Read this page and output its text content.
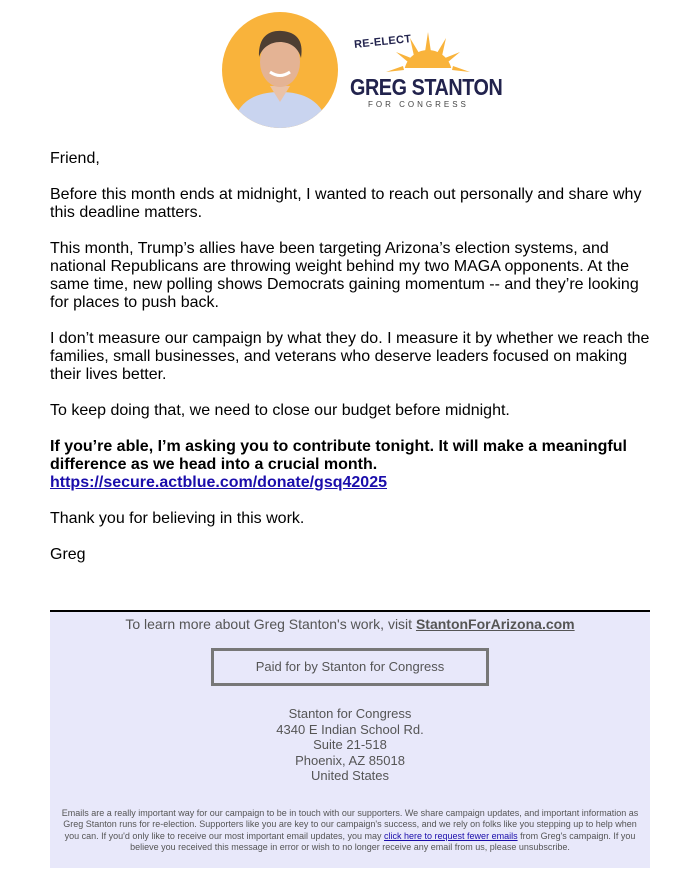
RE-ELECT
GREG STANTON
FOR CONGRESS

Friend,

Before this month ends at midnight, I wanted to reach out personally and share why this deadline matters.

This month, Trump’s allies have been targeting Arizona’s election systems, and national Republicans are throwing weight behind my two MAGA opponents. At the same time, new polling shows Democrats gaining momentum -- and they’re looking for places to push back.

I don’t measure our campaign by what they do. I measure it by whether we reach the families, small businesses, and veterans who deserve leaders focused on making their lives better.

To keep doing that, we need to close our budget before midnight.

If you’re able, I’m asking you to contribute tonight. It will make a meaningful difference as we head into a crucial month.
https://secure.actblue.com/donate/gsq42025

Thank you for believing in this work.

Greg

To learn more about Greg Stanton's work, visit StantonForArizona.com
Paid for by Stanton for Congress
Stanton for Congress
4340 E Indian School Rd.
Suite 21-518
Phoenix, AZ 85018
United States
Emails are a really important way for our campaign to be in touch with our supporters. We share campaign updates, and important information as Greg Stanton runs for re-election. Supporters like you are key to our campaign's success, and we rely on folks like you stepping up to help when you can. If you'd only like to receive our most important email updates, you may click here to request fewer emails from Greg's campaign. If you believe you received this message in error or wish to no longer receive any email from us, please unsubscribe.
